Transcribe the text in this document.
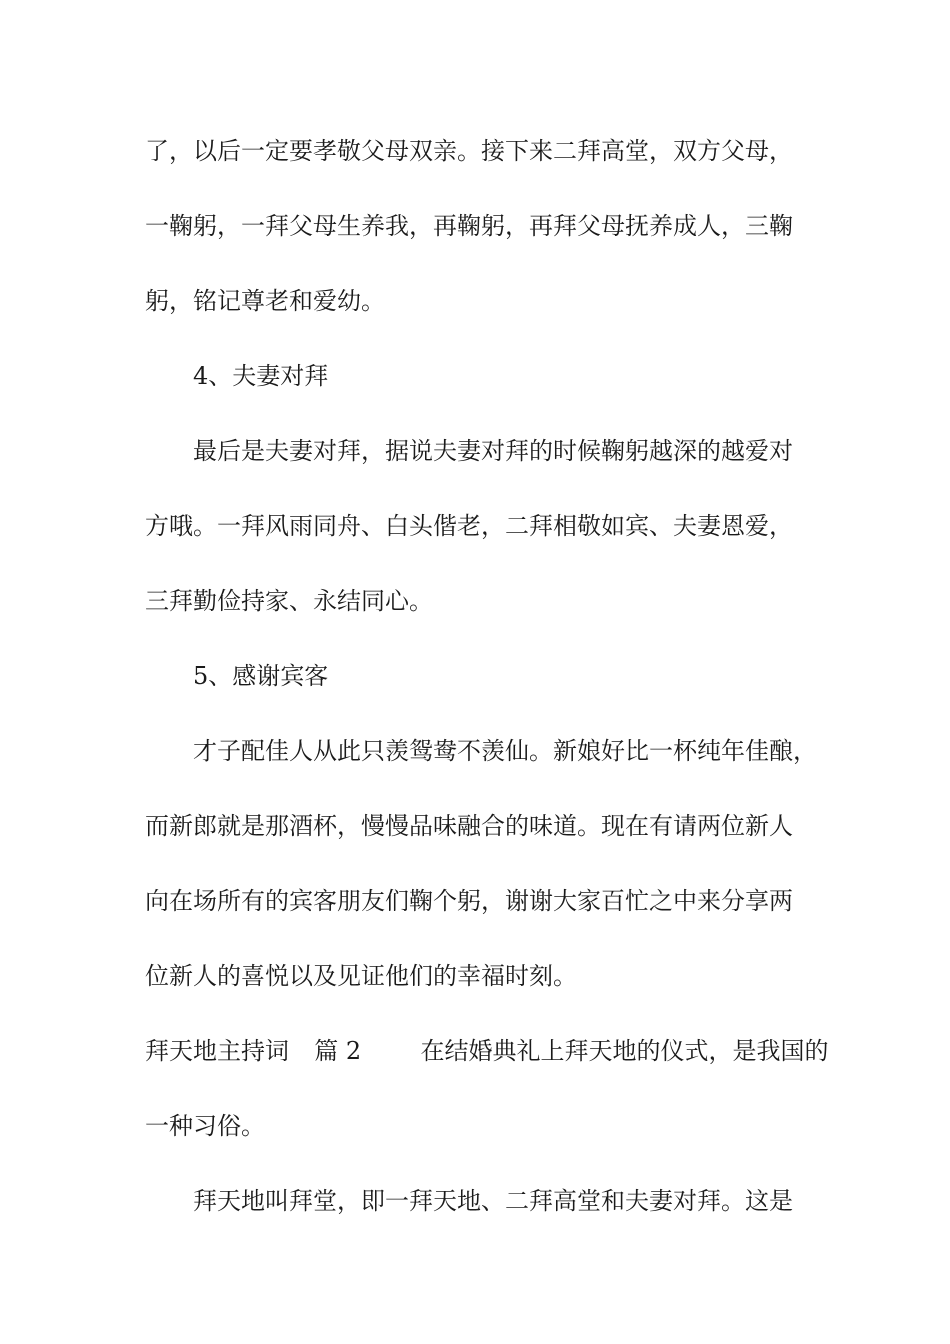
了，以后一定要孝敬父母双亲。接下来二拜高堂，双方父母，
一鞠躬，一拜父母生养我，再鞠躬，再拜父母抚养成人，三鞠
躬，铭记尊老和爱幼。
4、夫妻对拜
最后是夫妻对拜，据说夫妻对拜的时候鞠躬越深的越爱对
方哦。一拜风雨同舟、白头偕老，二拜相敬如宾、夫妻恩爱，
三拜勤俭持家、永结同心。
5、感谢宾客
才子配佳人从此只羡鸳鸯不羡仙。新娘好比一杯纯年佳酿，
而新郎就是那酒杯，慢慢品味融合的味道。现在有请两位新人
向在场所有的宾客朋友们鞠个躬，谢谢大家百忙之中来分享两
位新人的喜悦以及见证他们的幸福时刻。
拜天地主持词 篇 2 在结婚典礼上拜天地的仪式，是我国的
一种习俗。
拜天地叫拜堂，即一拜天地、二拜高堂和夫妻对拜。这是
